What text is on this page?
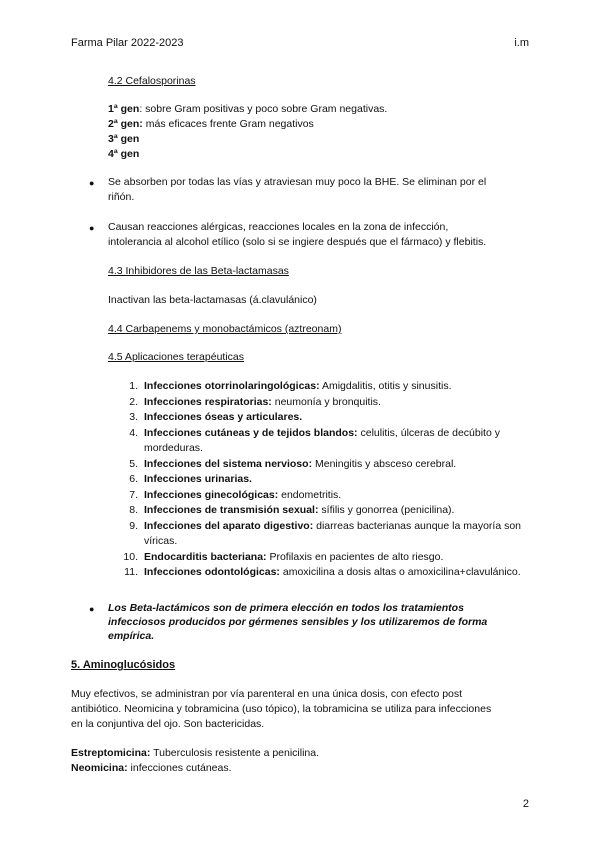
Farma Pilar 2022-2023	i.m
4.2 Cefalosporinas
1ª gen: sobre Gram positivas y poco sobre Gram negativas.
2ª gen: más eficaces frente Gram negativos
3ª gen
4ª gen
● Se absorben por todas las vías y atraviesan muy poco la BHE. Se eliminan por el
riñón.
● Causan reacciones alérgicas, reacciones locales en la zona de infección,
intolerancia al alcohol etílico (solo si se ingiere después que el fármaco) y flebitis.
4.3 Inhibidores de las Beta-lactamasas
Inactivan las beta-lactamasas (á.clavulánico)
4.4 Carbapenems y monobactámicos (aztreonam)
4.5 Aplicaciones terapéuticas
1. Infecciones otorrinolaringológicas: Amigdalitis, otitis y sinusitis.
2. Infecciones respiratorias: neumonía y bronquitis.
3. Infecciones óseas y articulares.
4. Infecciones cutáneas y de tejidos blandos: celulitis, úlceras de decúbito y mordeduras.
5. Infecciones del sistema nervioso: Meningitis y absceso cerebral.
6. Infecciones urinarias.
7. Infecciones ginecológicas: endometritis.
8. Infecciones de transmisión sexual: sífilis y gonorrea (penicilina).
9. Infecciones del aparato digestivo: diarreas bacterianas aunque la mayoría son víricas.
10. Endocarditis bacteriana: Profilaxis en pacientes de alto riesgo.
11. Infecciones odontológicas: amoxicilina a dosis altas o amoxicilina+clavulánico.
● Los Beta-lactámicos son de primera elección en todos los tratamientos
infecciosos producidos por gérmenes sensibles y los utilizaremos de forma
empírica.
5. Aminoglucósidos
Muy efectivos, se administran por vía parenteral en una única dosis, con efecto post
antibiótico. Neomicina y tobramicina (uso tópico), la tobramicina se utiliza para infecciones
en la conjuntiva del ojo. Son bactericidas.
Estreptomicina: Tuberculosis resistente a penicilina.
Neomicina: infecciones cutáneas.
2
